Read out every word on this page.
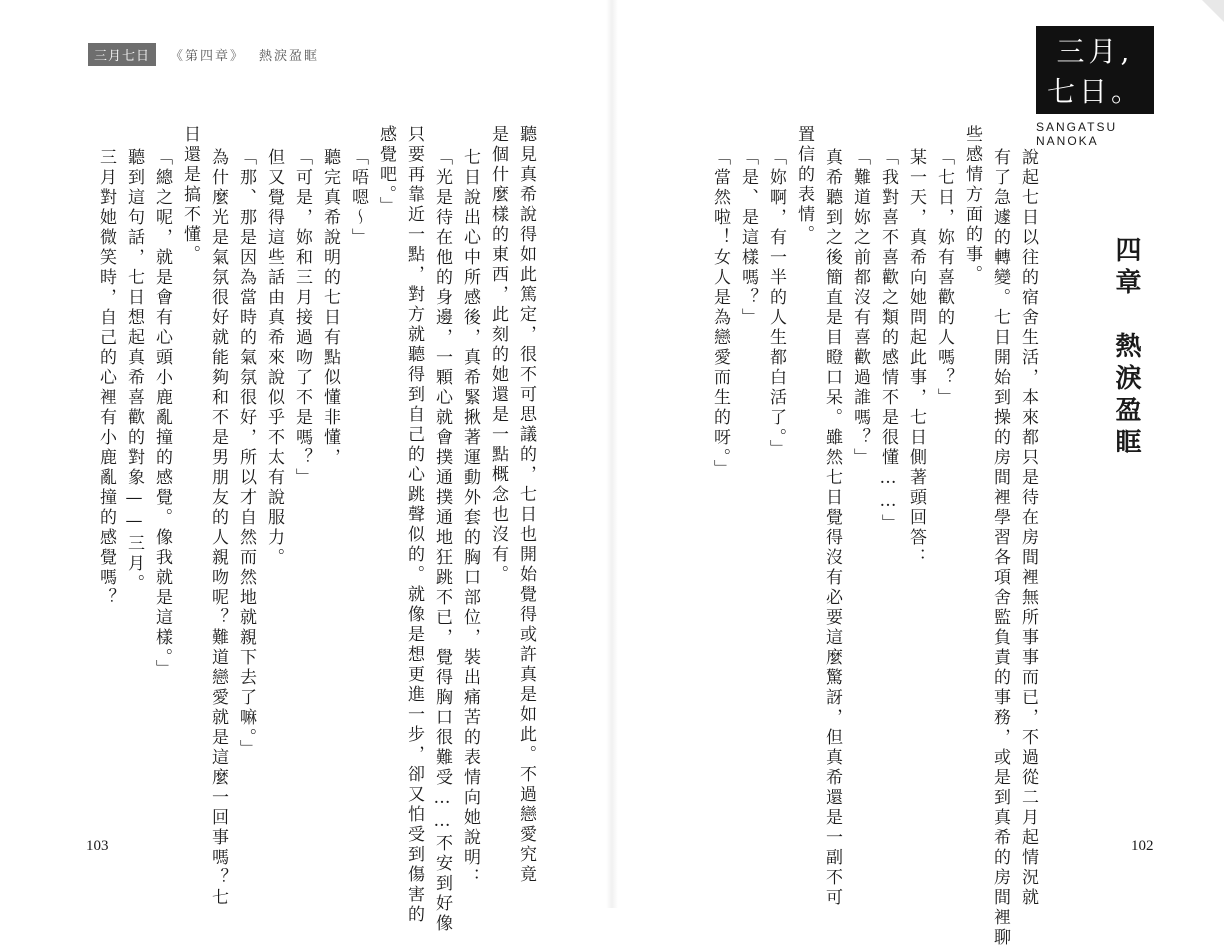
三月七日	《第四章》 熱淚盈眶
聽見真希說得如此篤定，很不可思議的，七日也開始覺得或許真是如此。不過戀愛究竟
是個什麼樣的東西，此刻的她還是一點概念也沒有。
七日說出心中所感後，真希緊揪著運動外套的胸口部位，裝出痛苦的表情向她說明：
「光是待在他的身邊，一顆心就會撲通撲通地狂跳不已，覺得胸口很難受……不安到好像
只要再靠近一點，對方就聽得到自己的心跳聲似的。就像是想更進一步，卻又怕受到傷害的
感覺吧。」
「唔嗯～」
聽完真希說明的七日有點似懂非懂，
「可是，妳和三月接過吻了不是嗎？」
但又覺得這些話由真希來說似乎不太有說服力。
「那、那是因為當時的氣氛很好，所以才自然而然地就親下去了嘛。」
為什麼光是氣氛很好就能夠和不是男朋友的人親吻呢？難道戀愛就是這麼一回事嗎？七
日還是搞不懂。
「總之呢，就是會有心頭小鹿亂撞的感覺。像我就是這樣。」
聽到這句話，七日想起真希喜歡的對象——三月。
三月對她微笑時，自己的心裡有小鹿亂撞的感覺嗎？
103
三月,七日。
SANGATSU NANOKA
四章　熱淚盈眶
說起七日以往的宿舍生活，本來都只是待在房間裡無所事事而已，不過從二月起情況就
有了急遽的轉變。七日開始到操的房間裡學習各項舍監負責的事務，或是到真希的房間裡聊
些感情方面的事。
「七日，妳有喜歡的人嗎？」
某一天，真希向她問起此事，七日側著頭回答：
「我對喜不喜歡之類的感情不是很懂……」
「難道妳之前都沒有喜歡過誰嗎？」
真希聽到之後簡直是目瞪口呆。雖然七日覺得沒有必要這麼驚訝，但真希還是一副不可
置信的表情。
「妳啊，有一半的人生都白活了。」
「是、是這樣嗎？」
「當然啦！女人是為戀愛而生的呀。」
102
